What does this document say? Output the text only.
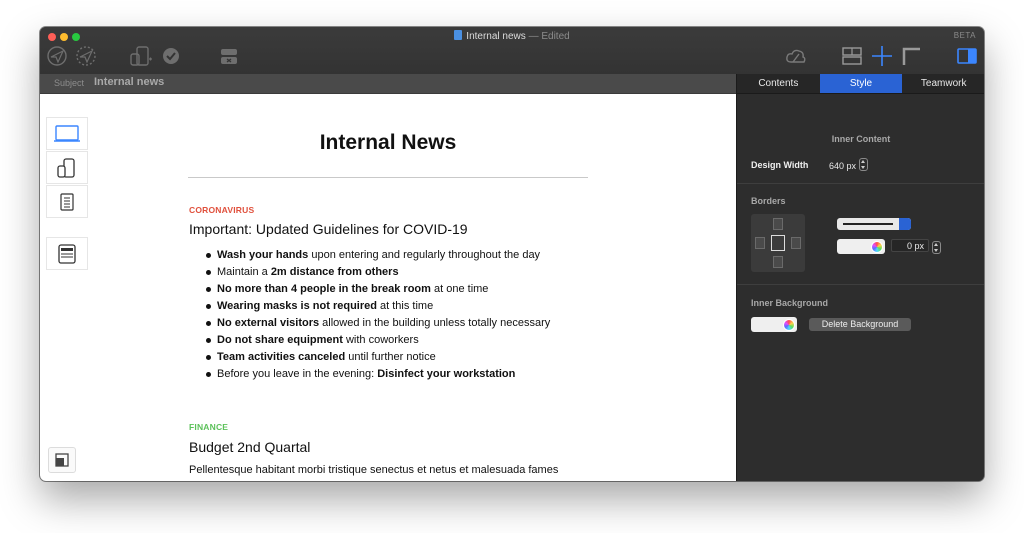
Internal news — Edited	BETA
Subject Internal news
Internal News
CORONAVIRUS
Important: Updated Guidelines for COVID-19
Wash your hands upon entering and regularly throughout the day
Maintain a 2m distance from others
No more than 4 people in the break room at one time
Wearing masks is not required at this time
No external visitors allowed in the building unless totally necessary
Do not share equipment with coworkers
Team activities canceled until further notice
Before you leave in the evening: Disinfect your workstation
FINANCE
Budget 2nd Quartal
Pellentesque habitant morbi tristique senectus et netus et malesuada fames
Contents	Style	Teamwork
Inner Content
Design Width 640 px
Borders
0 px
Inner Background
Delete Background
